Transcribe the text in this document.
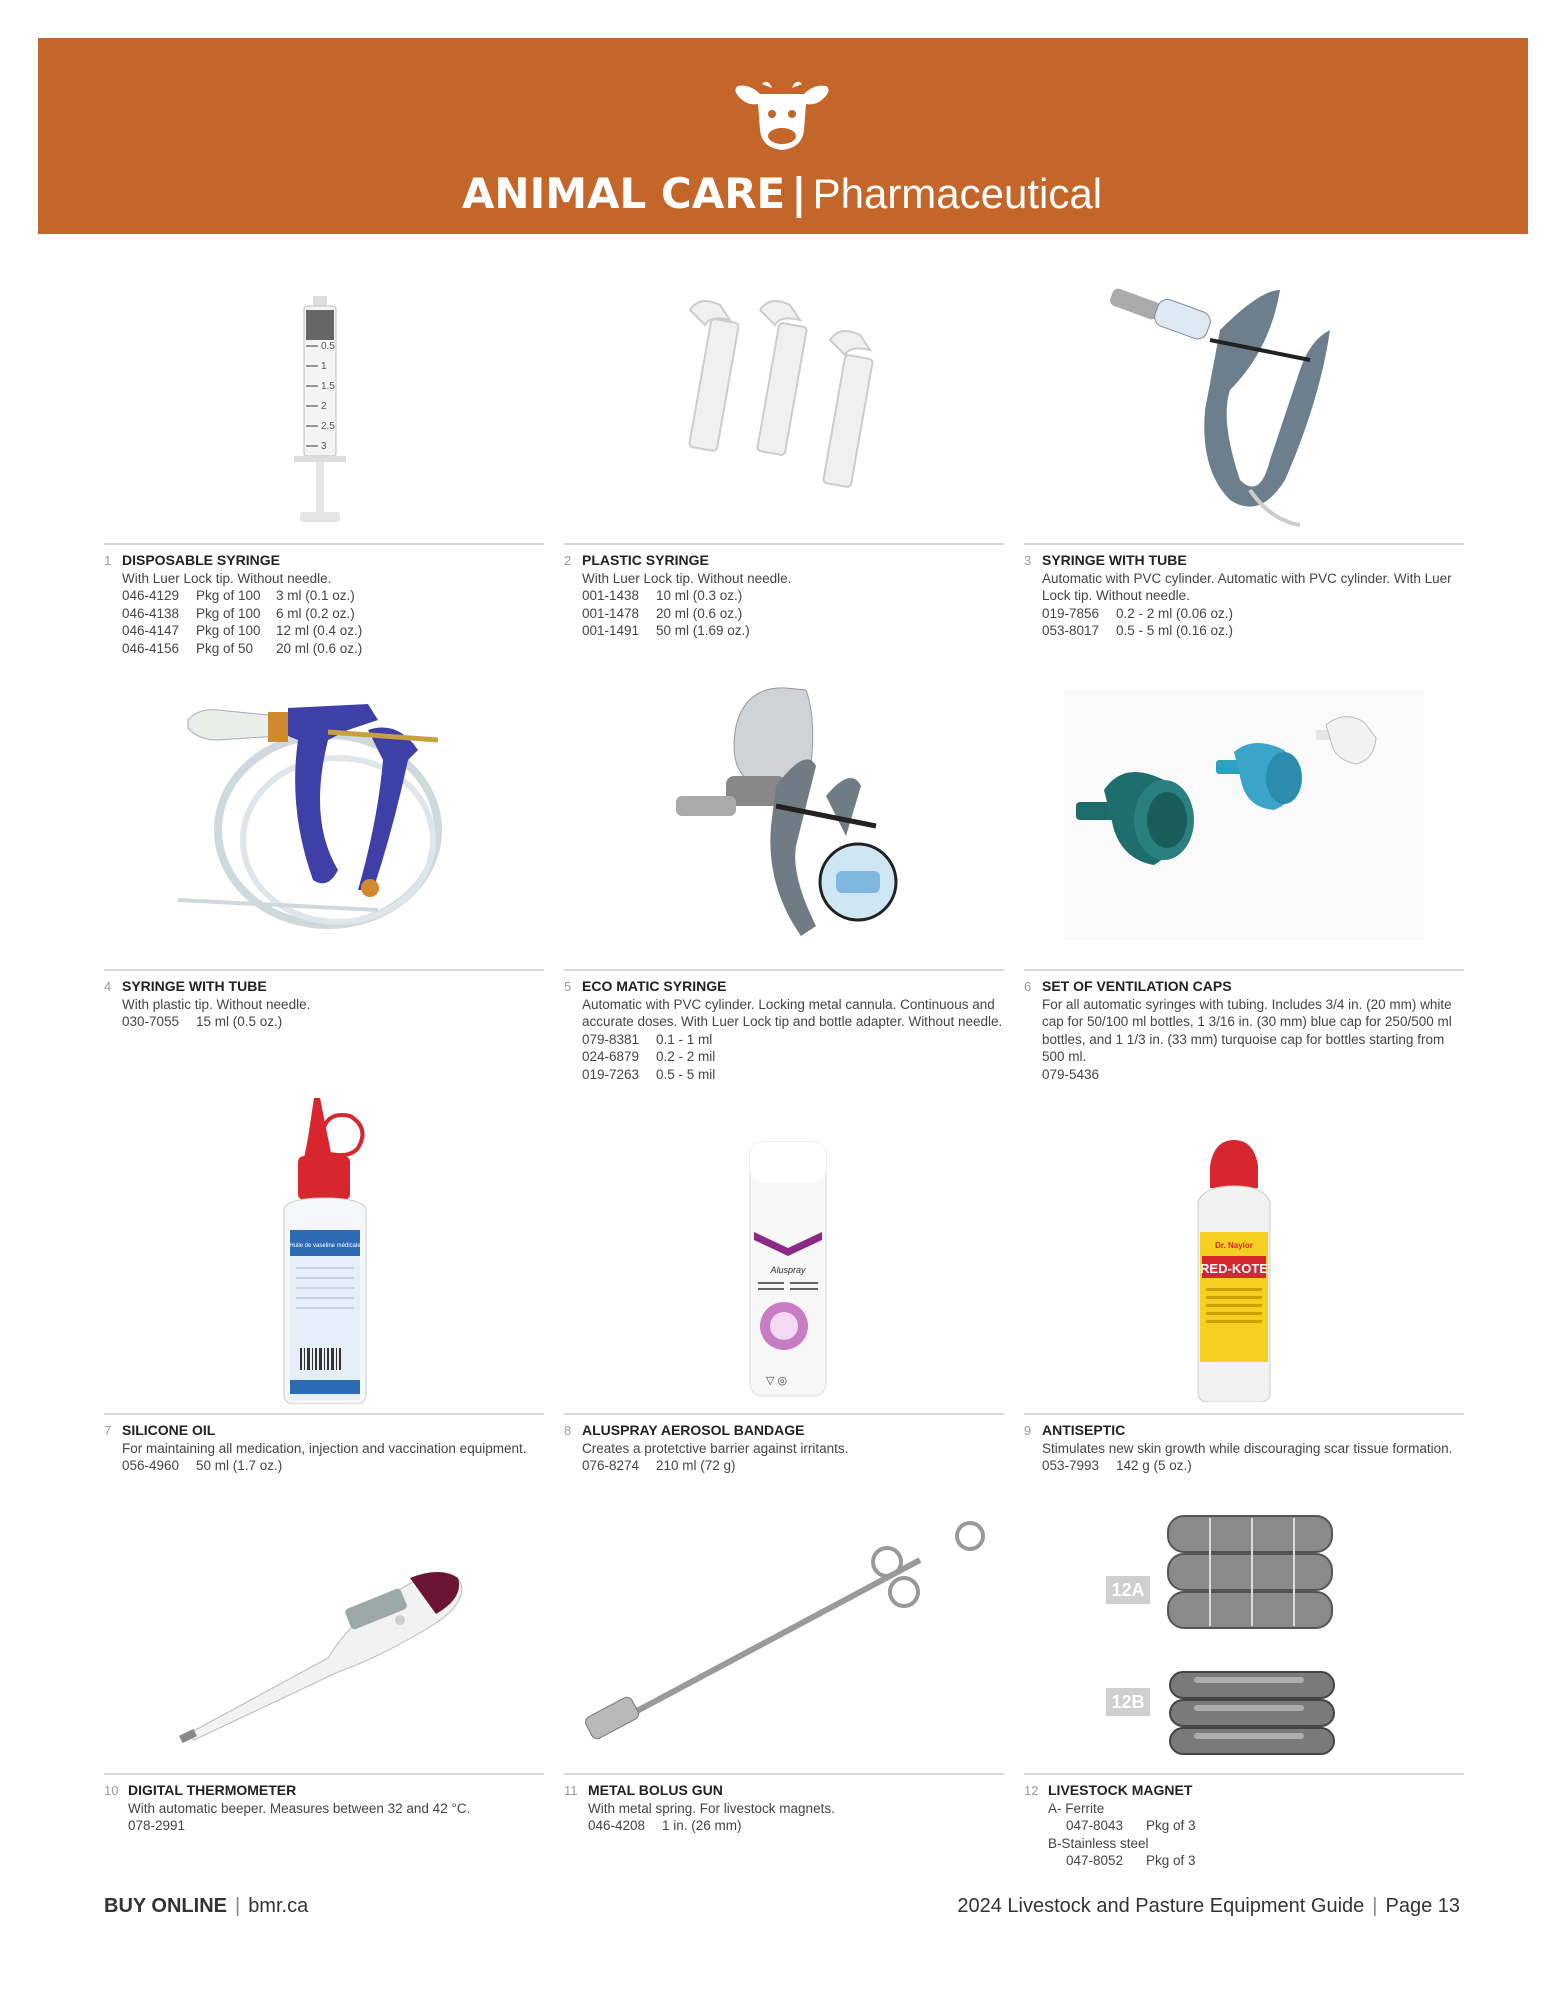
ANIMAL CARE | Pharmaceutical
0.5
1
1.5
2
2.5
3
1 DISPOSABLE SYRINGE
With Luer Lock tip. Without needle.
046-4129	Pkg of 100	3 ml (0.1 oz.)
046-4138	Pkg of 100	6 ml (0.2 oz.)
046-4147	Pkg of 100	12 ml (0.4 oz.)
046-4156	Pkg of 50	20 ml (0.6 oz.)
2 PLASTIC SYRINGE
With Luer Lock tip. Without needle.
001-1438	10 ml (0.3 oz.)
001-1478	20 ml (0.6 oz.)
001-1491	50 ml (1.69 oz.)
3 SYRINGE WITH TUBE
Automatic with PVC cylinder. Automatic with PVC cylinder. With Luer Lock tip. Without needle.
019-7856	0.2 - 2 ml (0.06 oz.)
053-8017	0.5 - 5 ml (0.16 oz.)
4 SYRINGE WITH TUBE
With plastic tip. Without needle.
030-7055	15 ml (0.5 oz.)
5 ECO MATIC SYRINGE
Automatic with PVC cylinder. Locking metal cannula. Continuous and accurate doses. With Luer Lock tip and bottle adapter. Without needle.
079-8381	0.1 - 1 ml
024-6879	0.2 - 2 mil
019-7263	0.5 - 5 mil
6 SET OF VENTILATION CAPS
For all automatic syringes with tubing. Includes 3/4 in. (20 mm) white cap for 50/100 ml bottles, 1 3/16 in. (30 mm) blue cap for 250/500 ml bottles, and 1 1/3 in. (33 mm) turquoise cap for bottles starting from 500 ml.
079-5436
Huile de vaseline médicale
Aluspray
▽ ◎
Dr. Naylor
RED-KOTE
7 SILICONE OIL
For maintaining all medication, injection and vaccination equipment.
056-4960	50 ml (1.7 oz.)
8 ALUSPRAY AEROSOL BANDAGE
Creates a protetctive barrier against irritants.
076-8274	210 ml (72 g)
9 ANTISEPTIC
Stimulates new skin growth while discouraging scar tissue formation.
053-7993	142 g (5 oz.)
12A
12B
10 DIGITAL THERMOMETER
With automatic beeper. Measures between 32 and 42 °C.
078-2991
11 METAL BOLUS GUN
With metal spring. For livestock magnets.
046-4208	1 in. (26 mm)
12 LIVESTOCK MAGNET
A- Ferrite
047-8043	Pkg of 3
B-Stainless steel
047-8052	Pkg of 3
BUY ONLINE | bmr.ca	2024 Livestock and Pasture Equipment Guide | Page 13
